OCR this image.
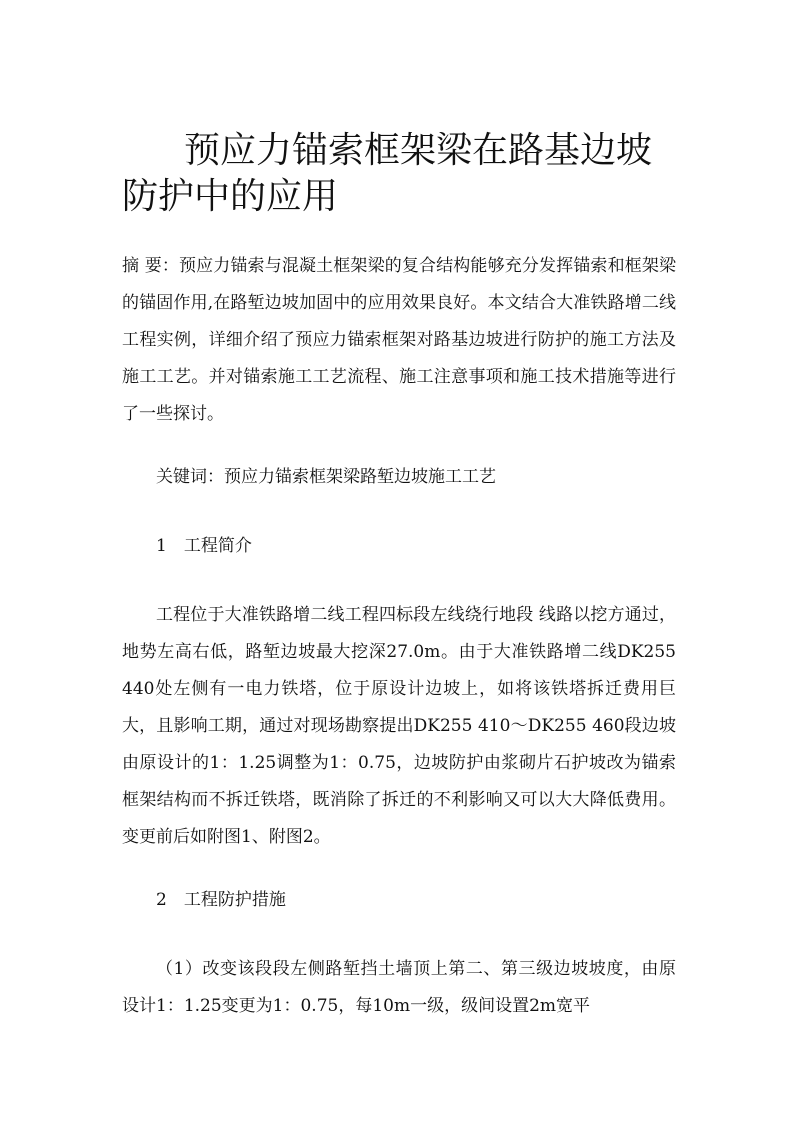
预应力锚索框架梁在路基边坡防护中的应用

摘 要：预应力锚索与混凝土框架梁的复合结构能够充分发挥锚索和框架梁的锚固作用,在路堑边坡加固中的应用效果良好。本文结合大准铁路增二线工程实例，详细介绍了预应力锚索框架对路基边坡进行防护的施工方法及施工工艺。并对锚索施工工艺流程、施工注意事项和施工技术措施等进行了一些探讨。

关键词：预应力锚索框架梁路堑边坡施工工艺

1 工程简介

工程位于大准铁路增二线工程四标段左线绕行地段 线路以挖方通过，地势左高右低，路堑边坡最大挖深27.0m。由于大准铁路增二线DK255 440处左侧有一电力铁塔，位于原设计边坡上，如将该铁塔拆迁费用巨大，且影响工期，通过对现场勘察提出DK255 410～DK255 460段边坡由原设计的1：1.25调整为1：0.75，边坡防护由浆砌片石护坡改为锚索框架结构而不拆迁铁塔，既消除了拆迁的不利影响又可以大大降低费用。变更前后如附图1、附图2。

2 工程防护措施

（1）改变该段段左侧路堑挡土墙顶上第二、第三级边坡坡度，由原设计1：1.25变更为1：0.75，每10m一级，级间设置2m宽平
